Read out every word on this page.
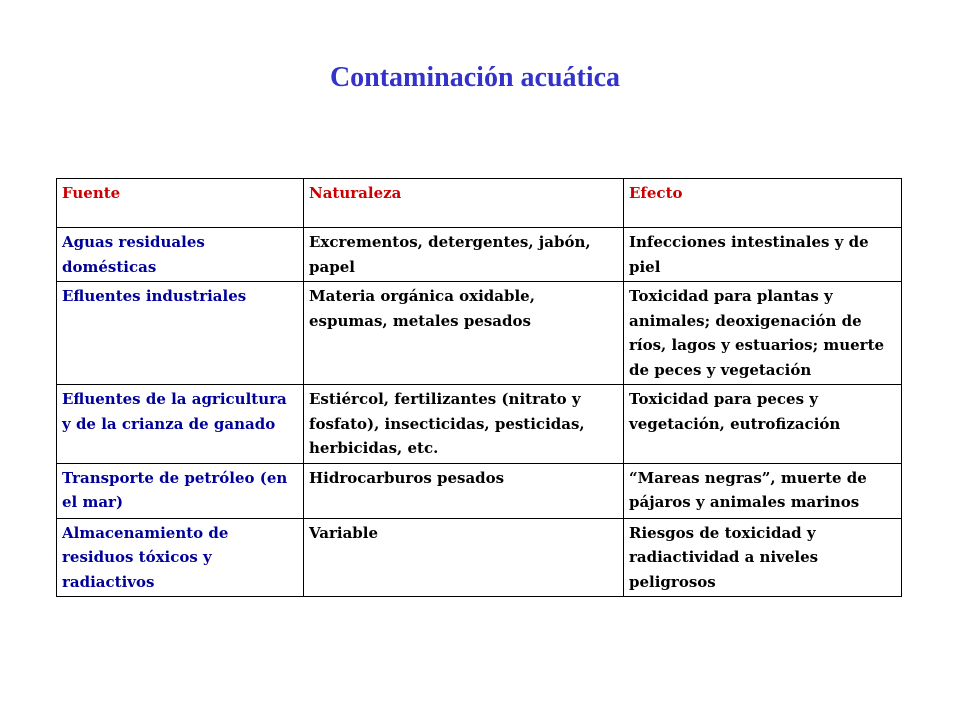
Contaminación acuática
Fuente	Naturaleza	Efecto
Aguas residuales domésticas	Excrementos, detergentes, jabón, papel	Infecciones intestinales y de piel
Efluentes industriales	Materia orgánica oxidable, espumas, metales pesados	Toxicidad para plantas y animales; deoxigenación de ríos, lagos y estuarios; muerte de peces y vegetación
Efluentes de la agricultura y de la crianza de ganado	Estiércol, fertilizantes (nitrato y fosfato), insecticidas, pesticidas, herbicidas, etc.	Toxicidad para peces y vegetación, eutrofización
Transporte de petróleo (en el mar)	Hidrocarburos pesados	“Mareas negras”, muerte de pájaros y animales marinos
Almacenamiento de residuos tóxicos y radiactivos	Variable	Riesgos de toxicidad y radiactividad a niveles peligrosos
